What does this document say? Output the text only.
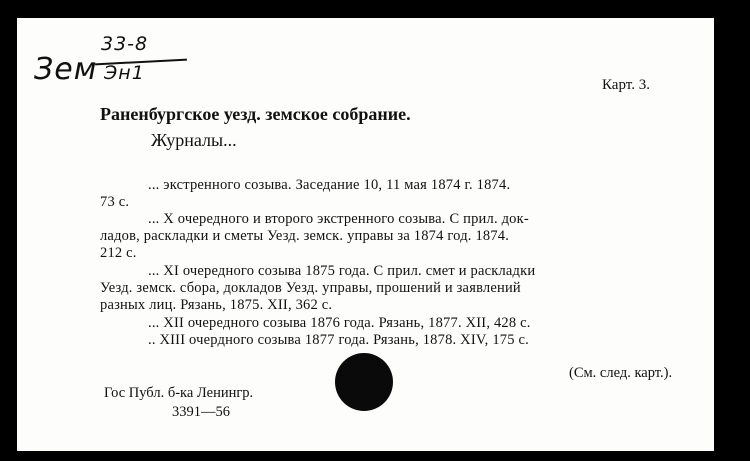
Зем
33-8
Эн1
Карт. 3.
Раненбургское уезд. земское собрание.
Журналы...
... экстренного созыва. Заседание 10, 11 мая 1874 г. 1874.
73 с.
... X очередного и второго экстренного созыва. С прил. док-
ладов, раскладки и сметы Уезд. земск. управы за 1874 год. 1874.
212 с.
... XI очередного созыва 1875 года. С прил. смет и раскладки
Уезд. земск. сбора, докладов Уезд. управы, прошений и заявлений
разных лиц. Рязань, 1875. XII, 362 с.
... XII очередного созыва 1876 года. Рязань, 1877. XII, 428 с.
.. XIII очердного созыва 1877 года. Рязань, 1878. XIV, 175 с.
(См. след. карт.).
Гос Публ. б-ка Ленингр.
3391—56
